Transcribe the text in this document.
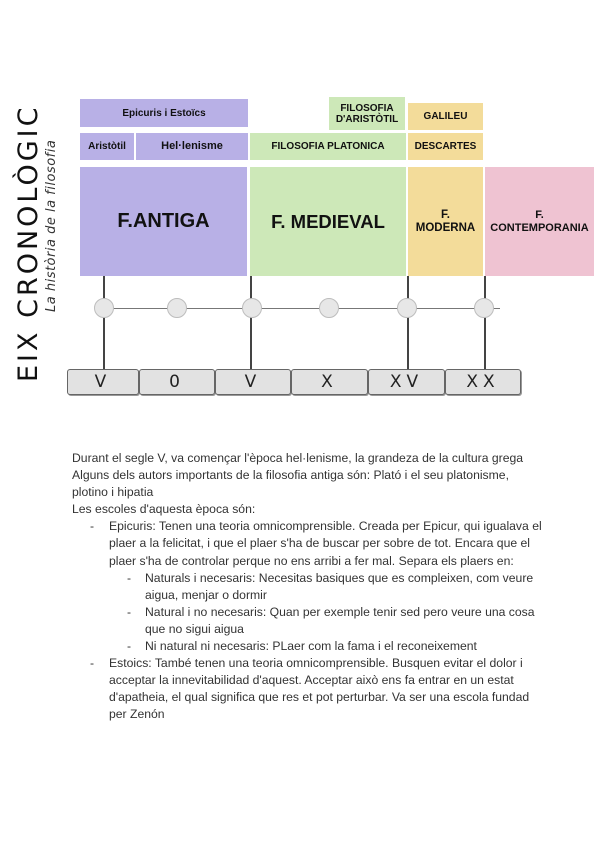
EIX CRONOLÒGIC La història de la filosofia
Epicuris i Estoïcs	FILOSOFIA
D'ARISTÒTIL	GALILEU
Aristòtil	Hel·lenisme	FILOSOFIA PLATONICA	DESCARTES
F.ANTIGA	F. MEDIEVAL	F.
MODERNA
F.
CONTEMPORANIA
V	0	V	X	XV	XX

Durant el segle V, va començar l'època hel·lenisme, la grandeza de la cultura grega

Alguns dels autors importants de la filosofia antiga són: Plató i el seu platonisme, plotino i hipatia

Les escoles d'aquesta època són:

- Epicuris: Tenen una teoria omnicomprensible. Creada per Epicur, qui igualava el plaer a la felicitat, i que el plaer s'ha de buscar per sobre de tot. Encara que el plaer s'ha de controlar perque no ens arribi a fer mal. Separa els plaers en:
- Naturals i necesaris: Necesitas basiques que es compleixen, com veure aigua, menjar o dormir
- Natural i no necesaris: Quan per exemple tenir sed pero veure una cosa que no sigui aigua
- Ni natural ni necesaris: PLaer com la fama i el reconeixement
- Estoics: També tenen una teoria omnicomprensible. Busquen evitar el dolor i acceptar la innevitabilidad d'aquest. Acceptar això ens fa entrar en un estat d'apatheia, el qual significa que res et pot perturbar. Va ser una escola fundad per Zenón
